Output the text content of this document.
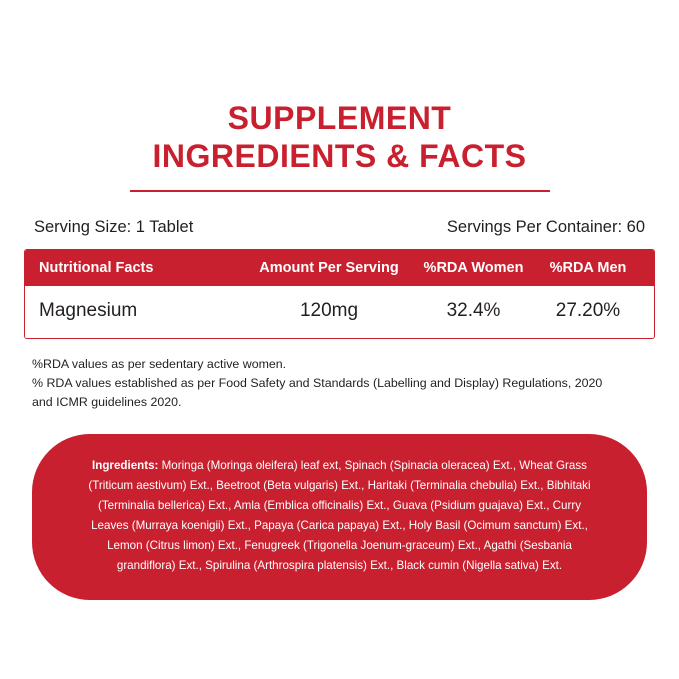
SUPPLEMENT
INGREDIENTS & FACTS
Serving Size: 1 Tablet	Servings Per Container: 60
Nutritional Facts	Amount Per Serving	%RDA Women	%RDA Men
Magnesium	120mg	32.4%	27.20%
%RDA values as per sedentary active women.
% RDA values established as per Food Safety and Standards (Labelling and Display) Regulations, 2020
and ICMR guidelines 2020.
Ingredients: Moringa (Moringa oleifera) leaf ext, Spinach (Spinacia oleracea) Ext., Wheat Grass (Triticum aestivum) Ext., Beetroot (Beta vulgaris) Ext., Haritaki (Terminalia chebulia) Ext., Bibhitaki (Terminalia bellerica) Ext., Amla (Emblica officinalis) Ext., Guava (Psidium guajava) Ext., Curry Leaves (Murraya koenigii) Ext., Papaya (Carica papaya) Ext., Holy Basil (Ocimum sanctum) Ext., Lemon (Citrus limon) Ext., Fenugreek (Trigonella Joenum-graceum) Ext., Agathi (Sesbania grandiflora) Ext., Spirulina (Arthrospira platensis) Ext., Black cumin (Nigella sativa) Ext.
